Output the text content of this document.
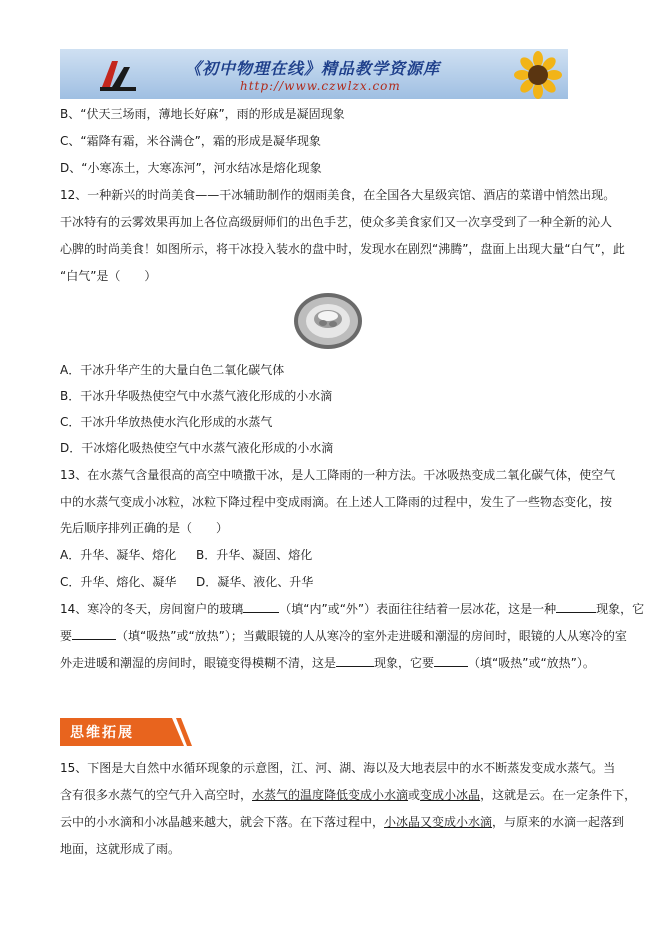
《初中物理在线》精品教学资源库
http://www.czwlzx.com
B、“伏天三场雨，薄地长好麻”，雨的形成是凝固现象
C、“霜降有霜，米谷满仓”，霜的形成是凝华现象
D、“小寒冻土，大寒冻河”，河水结冰是熔化现象
12、一种新兴的时尚美食——干冰辅助制作的烟雨美食，在全国各大星级宾馆、酒店的菜谱中悄然出现。
干冰特有的云雾效果再加上各位高级厨师们的出色手艺，使众多美食家们又一次享受到了一种全新的沁人
心脾的时尚美食！如图所示，将干冰投入装水的盘中时，发现水在剧烈“沸腾”，盘面上出现大量“白气”，此
“白气”是（　　）
A．干冰升华产生的大量白色二氧化碳气体
B．干冰升华吸热使空气中水蒸气液化形成的小水滴
C．干冰升华放热使水汽化形成的水蒸气
D．干冰熔化吸热使空气中水蒸气液化形成的小水滴
13、在水蒸气含量很高的高空中喷撒干冰，是人工降雨的一种方法。干冰吸热变成二氧化碳气体，使空气
中的水蒸气变成小冰粒，冰粒下降过程中变成雨滴。在上述人工降雨的过程中，发生了一些物态变化，按
先后顺序排列正确的是（　　）
A．升华、凝华、熔化 B．升华、凝固、熔化
C．升华、熔化、凝华 D．凝华、液化、升华
14、寒冷的冬天，房间窗户的玻璃	（填“内”或“外”）表面往往结着一层冰花，这是一种	现象，它
要	（填“吸热”或“放热”）；当戴眼镜的人从寒冷的室外走进暖和潮湿的房间时，眼镜的人从寒冷的室
外走进暖和潮湿的房间时，眼镜变得模糊不清，这是	现象，它要	（填“吸热”或“放热”）。
思维拓展
15、下图是大自然中水循环现象的示意图，江、河、湖、海以及大地表层中的水不断蒸发变成水蒸气。当
含有很多水蒸气的空气升入高空时，水蒸气的温度降低变成小水滴或变成小冰晶，这就是云。在一定条件下，
云中的小水滴和小冰晶越来越大，就会下落。在下落过程中，小冰晶又变成小水滴，与原来的水滴一起落到
地面，这就形成了雨。
